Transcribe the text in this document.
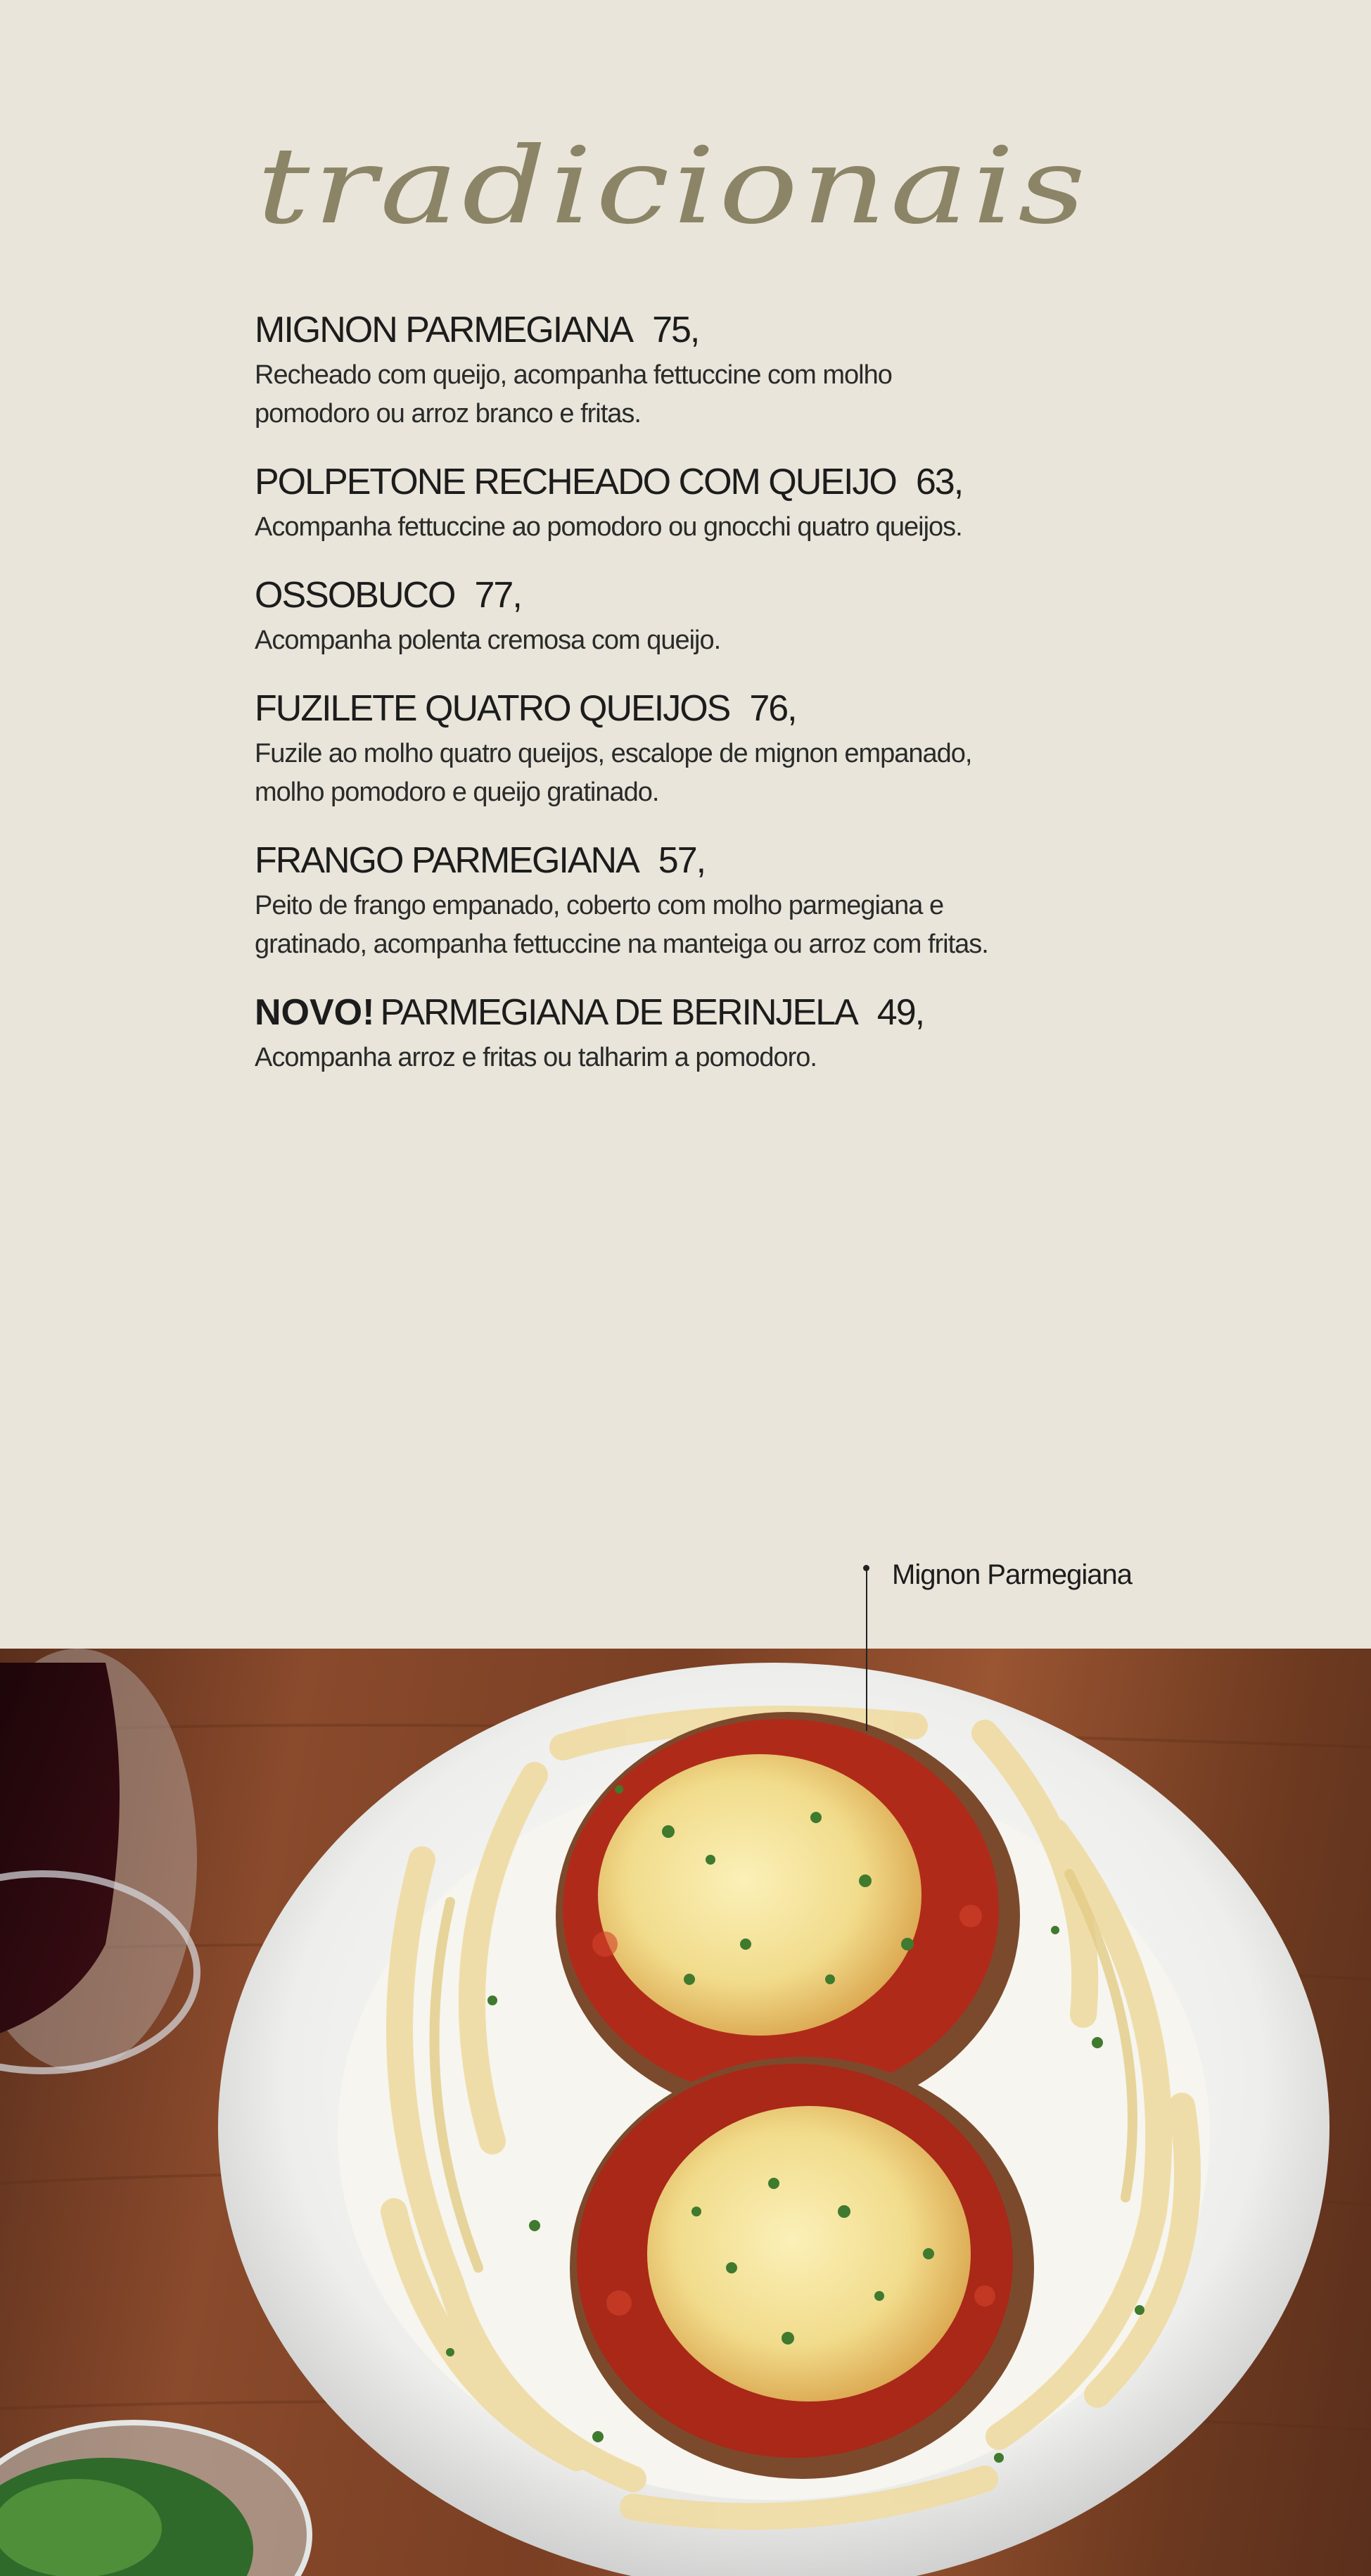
tradicionais
MIGNON PARMEGIANA 75,
Recheado com queijo, acompanha fettuccine com molho
pomodoro ou arroz branco e fritas.
POLPETONE RECHEADO COM QUEIJO 63,
Acompanha fettuccine ao pomodoro ou gnocchi quatro queijos.
OSSOBUCO 77,
Acompanha polenta cremosa com queijo.
FUZILETE QUATRO QUEIJOS 76,
Fuzile ao molho quatro queijos, escalope de mignon empanado,
molho pomodoro e queijo gratinado.
FRANGO PARMEGIANA 57,
Peito de frango empanado, coberto com molho parmegiana e
gratinado, acompanha fettuccine na manteiga ou arroz com fritas.
NOVO! PARMEGIANA DE BERINJELA 49,
Acompanha arroz e fritas ou talharim a pomodoro.
Mignon Parmegiana
